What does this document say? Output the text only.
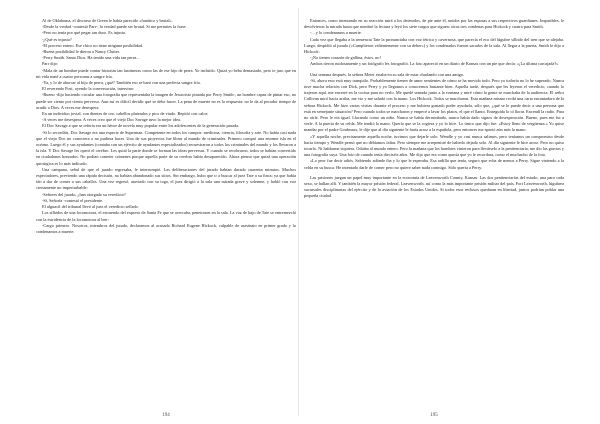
Al de Oklahoma, el discurso de Green le había parecido «fanático y brutal».

-Desde la verdad -contestó Parr-, la verdad puede ser brutal. Si me permites la frase.

-Pero no tenía por qué pegar tan duro. Es injusto.

-¿Qué es injusto?

-El proceso entero. Ese chico no tiene ninguna posibilidad.

-Buena posibilidad le dieron a Nancy Clutter.

-Perry Smith. Santo Dios. Ha tenido una vida tan perra...

Parr dijo:

-Mala de un hombre puede contar historias tan lastimeras como las de ese hijo de perra. Yo incluido. Quizá yo beba demasiado, pero te juro que en mi vida maté a cuatro personas a sangre fría.

-Ya, y lo de ahorcar al hijo de perra, ¿qué? También eso se hará con una perfecta sangre fría.

El reverendo Post, oyendo la conversación, intervino:

-Bueno -dijo haciendo circular una fotografía que representaba la imagen de Jesucristo pintada por Perry Smith-, un hombre capaz de pintar eso, no puede ser ciento por ciento perverso. Aun así es difícil decidir qué se debe hacer. La pena de muerte no es la respuesta: no le da al pecador tiempo de acudir a Dios. A veces me desespera.

En un individuo jovial, con dientes de oro, cabellos plateados y pico de viudo. Repitió con calor:

-A veces me desespera. A veces creo que el viejo Doc Savage tuvo la mejor idea.

El Doc Savage a que se refería era un héroe de novela muy popular entre los adolescentes de la generación pasada.

-Si lo recordáis, Doc Savage era una especie de Superman. Competente en todos los campos: medicina, ciencia, filosofía y arte. No había casi nada que el viejo Doc no conociera o no pudiera hacer. Uno de sus proyectos fue librar al mundo de criminales. Primero compró una enorme isla en el océano. Luego él y sus ayudantes (contaba con un ejército de ayudantes especializados) secuestraron a todos los criminales del mundo y los llevaron a la isla. Y Doc Savage les operó el cerebro. Les quitó la parte donde se forman las ideas perversas. Y cuando se recobraron, todos se habían convertido en ciudadanos honrados. No podían cometer crímenes porque aquella parte de su cerebro había desaparecido. Ahora pienso que quizá una operación quirúrgica es lo más indicado.

Una campana, señal de que el jurado regresaba, le interrumpió. Las deliberaciones del jurado habían durado cuarenta minutos. Muchos espectadores, previendo una rápida decisión, no habían abandonado sus sitios. Sin embargo, hubo que ir a buscar al juez Tate a su finca; ya que había ido a dar de comer a sus caballos. Una vez regresó, ataviado con su toga, el juez dirigió a la sala una mirada grave y solemne, y habló con voz ciertamente no imperturbable:

-Señores del jurado, ¿han otorgado su veredicto?

-Sí, Señoría -contestó el presidente.

El alguacil del tribunal llevó al juez el veredicto sellado.

Los silbidos de una locomotora, el estruendo del expreso de Santa Fe que se acercaba, penetraron en la sala. La voz de bajo de Tate se entremezcló con la estridencia de la locomotora al leer:

-Cargo primero. Nosotros, miembros del jurado, declaramos al acusado Richard Eugene Hickock, culpable de asesinato en primer grado y lo condenamos a muerte.

194

Entonces, como intentando en su reacción mirá a los detenidos, de pie ante él, unidos por las esposas a sus respectivos guardianes. Impasibles, le devolvieron la mirada hasta que nombró la lectura y leyó los siete cargos que siguen: otras tres condenas para Hickock y cuatro para Smith.

-... y lo condenamos a muerte.

Cada vez que llegaba a la sentencia Tate la pronunciaba con voz tétrica y cavernosa, que parecía el eco del lúgubre silbido del tren que se alejaba. Luego, despidió al jurado («Cumplieron valientemente con su deber») y los condenados fueron sacados de la sala. Al llegar a la puerta, Smith le dijo a Hickock:

-¡No tienen corazón de gallina, éstos, no!

Ambos rieron ruidosamente y un fotógrafo les fotografió. La foto apareció en un diario de Kansas con un pie que decía: «¡La última carcajada?»

Una semana después, la señora Meier estaba en su sala de estar charlando con una amiga.

-Sí, ahora esto está muy tranquilo. Probablemente tienen de amor sentientes de cómo se ha movido todo. Pero yo todavía no lo he superado. Nunca tuve mucha relación con Dick, pero Perry y yo llegamos a conocernos bastante bien. Aquella tarde, después que les leyeron el veredicto, cuando lo trajeron aquí, me encerré en la cocina para no verlo. Me quedé sentada junto a la ventana y miré cómo la gente se marchaba de la audiencia. El señor Cullivan miró hacia arriba, me vio y me saludó con la mano. Los Hickock. Todos se marcharon. Esta mañana mismo recibí una carta encantadora de la señora Hickock. Me hizo varias visitas durante el proceso y me hubiera gustado poder ayudarla, sólo que, ¿qué se le puede decir a una persona que está en semejante situación? Pero cuando todos se marcharon y empecé a lavar los platos, el que el llanto. Enseguida lo oí llorar. Encendí la radio. Para no oírle. Pero le oía igual. Llorando como un niño. Nunca se había derrumbado, nunca había dado signos de desesperación. Bueno, pues me fui a verle. A la puerta de su celda. Me tendió la mano. Quería que se la cogiera y yo lo hice. Lo único que dijo fue: «Estoy lleno de vergüenza.» Yo quise mandar por el padre Goubeaux, le dije que al día siguiente le haría arroz a la española, pero entonces me apretó aún más la mano.

»Y aquella noche, precisamente aquella noche, tuvimos que dejarle solo. Wendle y yo casi nunca salimos, pero teníamos un compromiso desde hacía tiempo y Wendle pensó que no debíamos faltar. Pero siempre me arrepentiré de haberlo dejado solo. Al día siguiente le hice arroz. Pero no quiso tocarlo. Ni hablarme siquiera. Odiaba al mundo entero. Pero la mañana que los hombres vinieron para llevárselo a la penitenciaría, me dio las gracias y una fotografía suya. Una foto de cuando tenía dieciséis años. Me dijo que era como quería que yo le recordara, como el muchacho de la foto.

»Lo peor fue decir adiós. Sabiendo adónde iba y lo que le esperaba. Esa ardilla que tenía, seguro que echa de menos a Perry. Sigue viniendo a la celda en su busca. He intentado darle de comer pero no quiere saber nada conmigo. Sólo quería a Perry.

Las prisiones juegan un papel muy importante en la economía de Leavenworth County, Kansas. Las dos penitenciarías del estado, una para cada sexo, se hallan allí. Y también la mayor prisión federal, Leavenworth, así como la más importante prisión militar del país, Fort Leavenworth, lúgubrea sucursales disciplinarias del ejército y de la aviación de los Estados Unidos. Si todos esos reclusos quedaran en libertad, juntos podrían poblar una pequeña ciudad.

195
